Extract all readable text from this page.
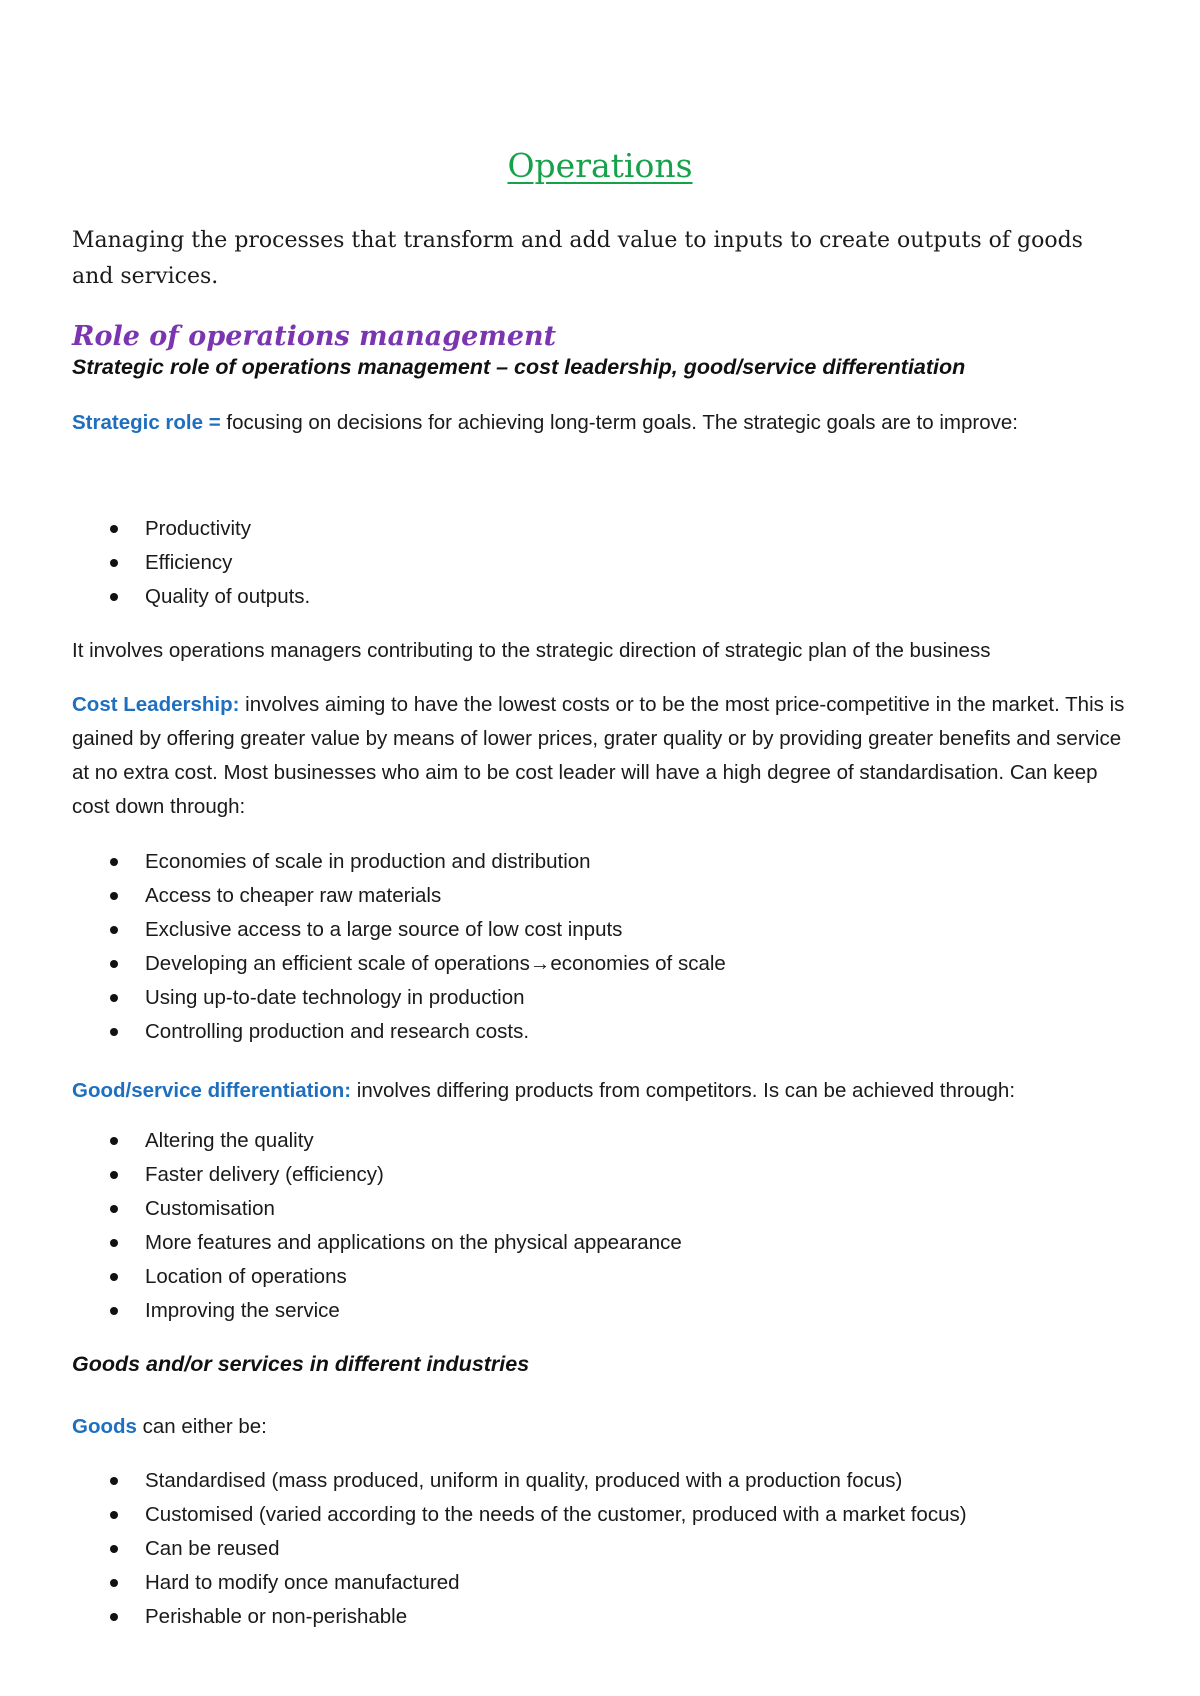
Operations

Managing the processes that transform and add value to inputs to create outputs of goods and services.

Role of operations management
Strategic role of operations management – cost leadership, good/service differentiation

Strategic role = focusing on decisions for achieving long-term goals. The strategic goals are to improve:

Productivity
Efficiency
Quality of outputs.

It involves operations managers contributing to the strategic direction of strategic plan of the business

Cost Leadership: involves aiming to have the lowest costs or to be the most price-competitive in the market. This is gained by offering greater value by means of lower prices, grater quality or by providing greater benefits and service at no extra cost. Most businesses who aim to be cost leader will have a high degree of standardisation. Can keep cost down through:

Economies of scale in production and distribution
Access to cheaper raw materials
Exclusive access to a large source of low cost inputs
Developing an efficient scale of operations→economies of scale
Using up-to-date technology in production
Controlling production and research costs.

Good/service differentiation: involves differing products from competitors. Is can be achieved through:

Altering the quality
Faster delivery (efficiency)
Customisation
More features and applications on the physical appearance
Location of operations
Improving the service
Goods and/or services in different industries

Goods can either be:

Standardised (mass produced, uniform in quality, produced with a production focus)
Customised (varied according to the needs of the customer, produced with a market focus)
Can be reused
Hard to modify once manufactured
Perishable or non-perishable
